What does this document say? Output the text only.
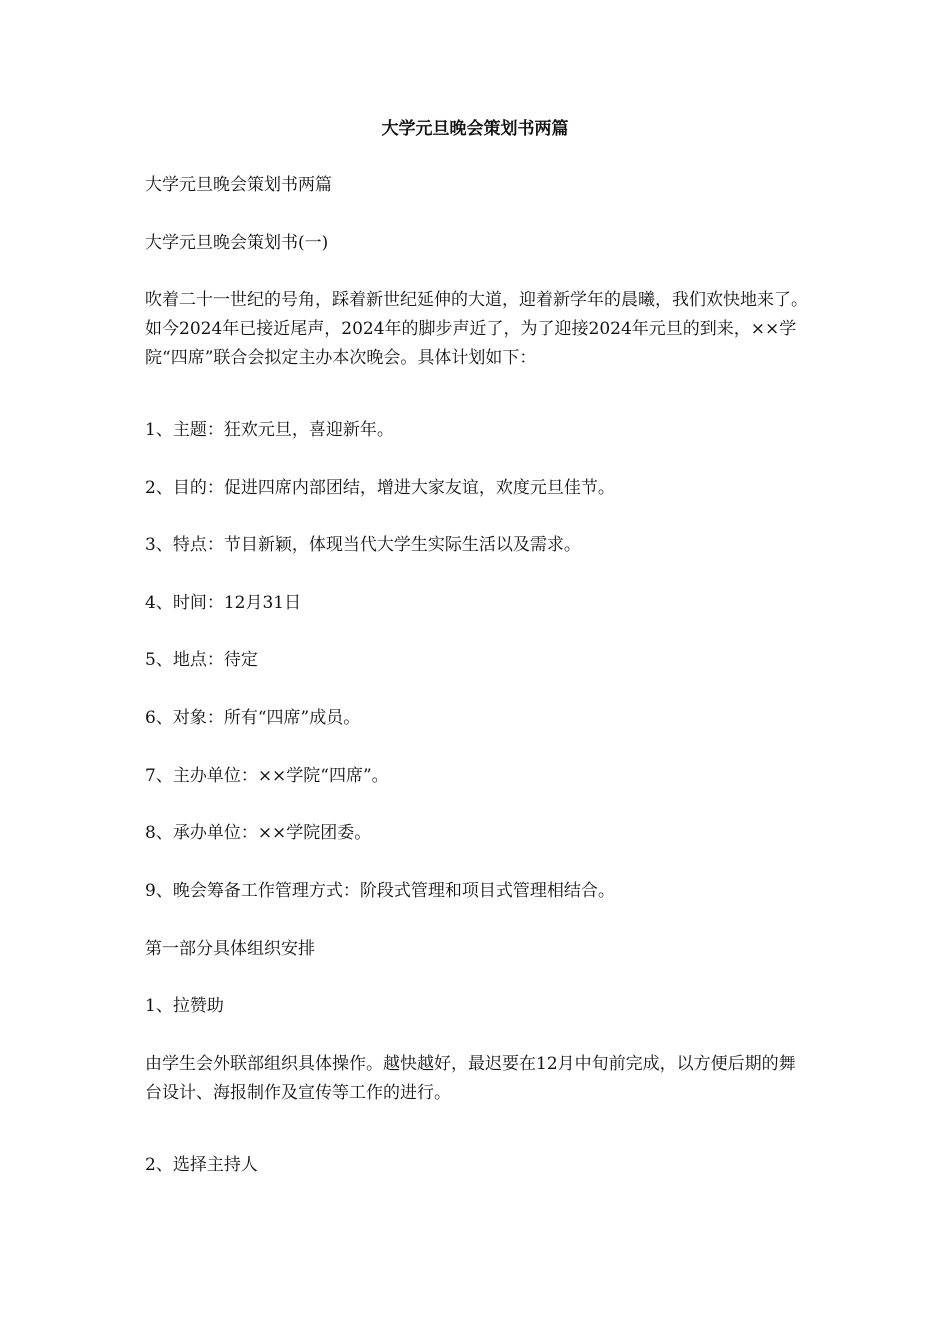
大学元旦晚会策划书两篇

大学元旦晚会策划书两篇

大学元旦晚会策划书(一)

吹着二十一世纪的号角，踩着新世纪延伸的大道，迎着新学年的晨曦，我们欢快地来了。如今2024年已接近尾声，2024年的脚步声近了，为了迎接2024年元旦的到来，××学院“四席”联合会拟定主办本次晚会。具体计划如下：

1、主题：狂欢元旦，喜迎新年。

2、目的：促进四席内部团结，增进大家友谊，欢度元旦佳节。

3、特点：节目新颖，体现当代大学生实际生活以及需求。

4、时间：12月31日

5、地点：待定

6、对象：所有“四席”成员。

7、主办单位：××学院“四席”。

8、承办单位：××学院团委。

9、晚会筹备工作管理方式：阶段式管理和项目式管理相结合。

第一部分具体组织安排

1、拉赞助

由学生会外联部组织具体操作。越快越好，最迟要在12月中旬前完成，以方便后期的舞台设计、海报制作及宣传等工作的进行。

2、选择主持人
